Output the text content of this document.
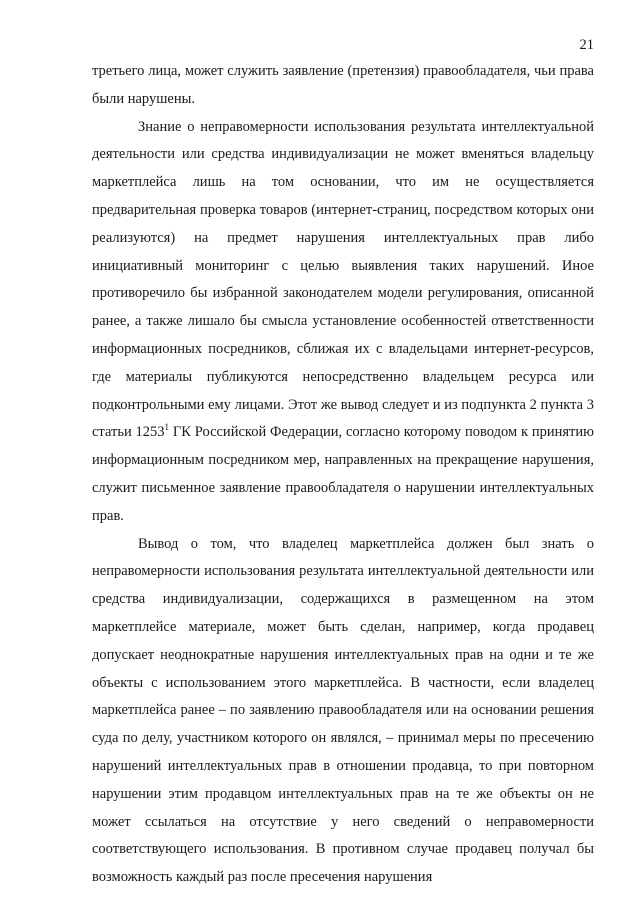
21

третьего лица, может служить заявление (претензия) правообладателя, чьи права были нарушены.

Знание о неправомерности использования результата интеллектуальной деятельности или средства индивидуализации не может вменяться владельцу маркетплейса лишь на том основании, что им не осуществляется предварительная проверка товаров (интернет-страниц, посредством которых они реализуются) на предмет нарушения интеллектуальных прав либо инициативный мониторинг с целью выявления таких нарушений. Иное противоречило бы избранной законодателем модели регулирования, описанной ранее, а также лишало бы смысла установление особенностей ответственности информационных посредников, сближая их с владельцами интернет-ресурсов, где материалы публикуются непосредственно владельцем ресурса или подконтрольными ему лицами. Этот же вывод следует и из подпункта 2 пункта 3 статьи 1253$^1$ ГК Российской Федерации, согласно которому поводом к принятию информационным посредником мер, направленных на прекращение нарушения, служит письменное заявление правообладателя о нарушении интеллектуальных прав.

Вывод о том, что владелец маркетплейса должен был знать о неправомерности использования результата интеллектуальной деятельности или средства индивидуализации, содержащихся в размещенном на этом маркетплейсе материале, может быть сделан, например, когда продавец допускает неоднократные нарушения интеллектуальных прав на одни и те же объекты с использованием этого маркетплейса. В частности, если владелец маркетплейса ранее – по заявлению правообладателя или на основании решения суда по делу, участником которого он являлся, – принимал меры по пресечению нарушений интеллектуальных прав в отношении продавца, то при повторном нарушении этим продавцом интеллектуальных прав на те же объекты он не может ссылаться на отсутствие у него сведений о неправомерности соответствующего использования. В противном случае продавец получал бы возможность каждый раз после пресечения нарушения
